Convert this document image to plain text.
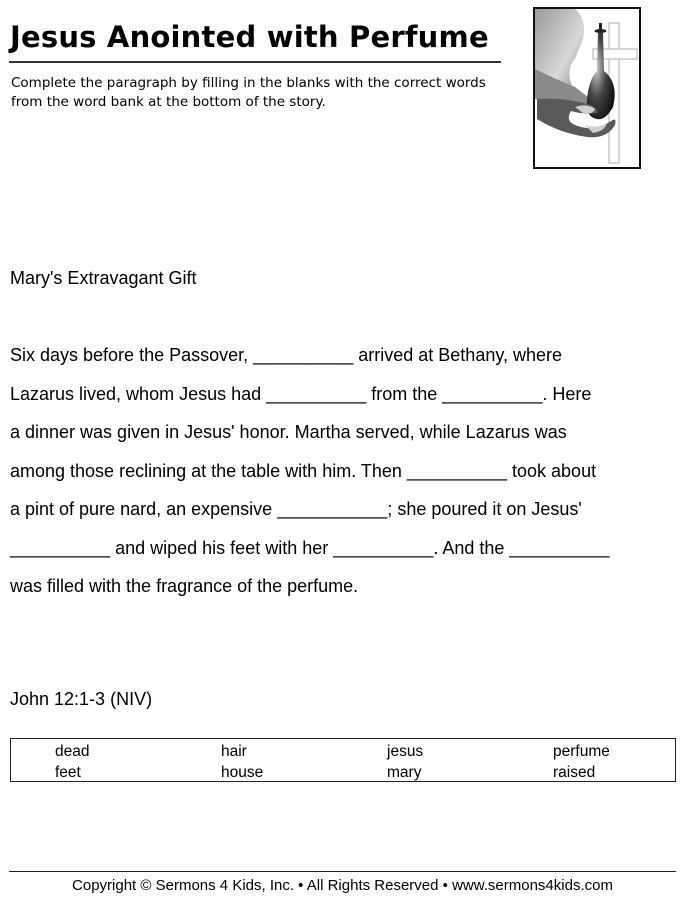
Jesus Anointed with Perfume
Complete the paragraph by filling in the blanks with the correct words from the word bank at the bottom of the story.
Mary's Extravagant Gift
Six days before the Passover, __________ arrived at Bethany, where
Lazarus lived, whom Jesus had __________ from the __________. Here
a dinner was given in Jesus' honor. Martha served, while Lazarus was
among those reclining at the table with him. Then __________ took about
a pint of pure nard, an expensive ___________; she poured it on Jesus'
__________ and wiped his feet with her __________. And the __________
was filled with the fragrance of the perfume.
John 12:1-3 (NIV)
dead	hair	jesus	perfume
feet	house	mary	raised
Copyright © Sermons 4 Kids, Inc. • All Rights Reserved • www.sermons4kids.com
